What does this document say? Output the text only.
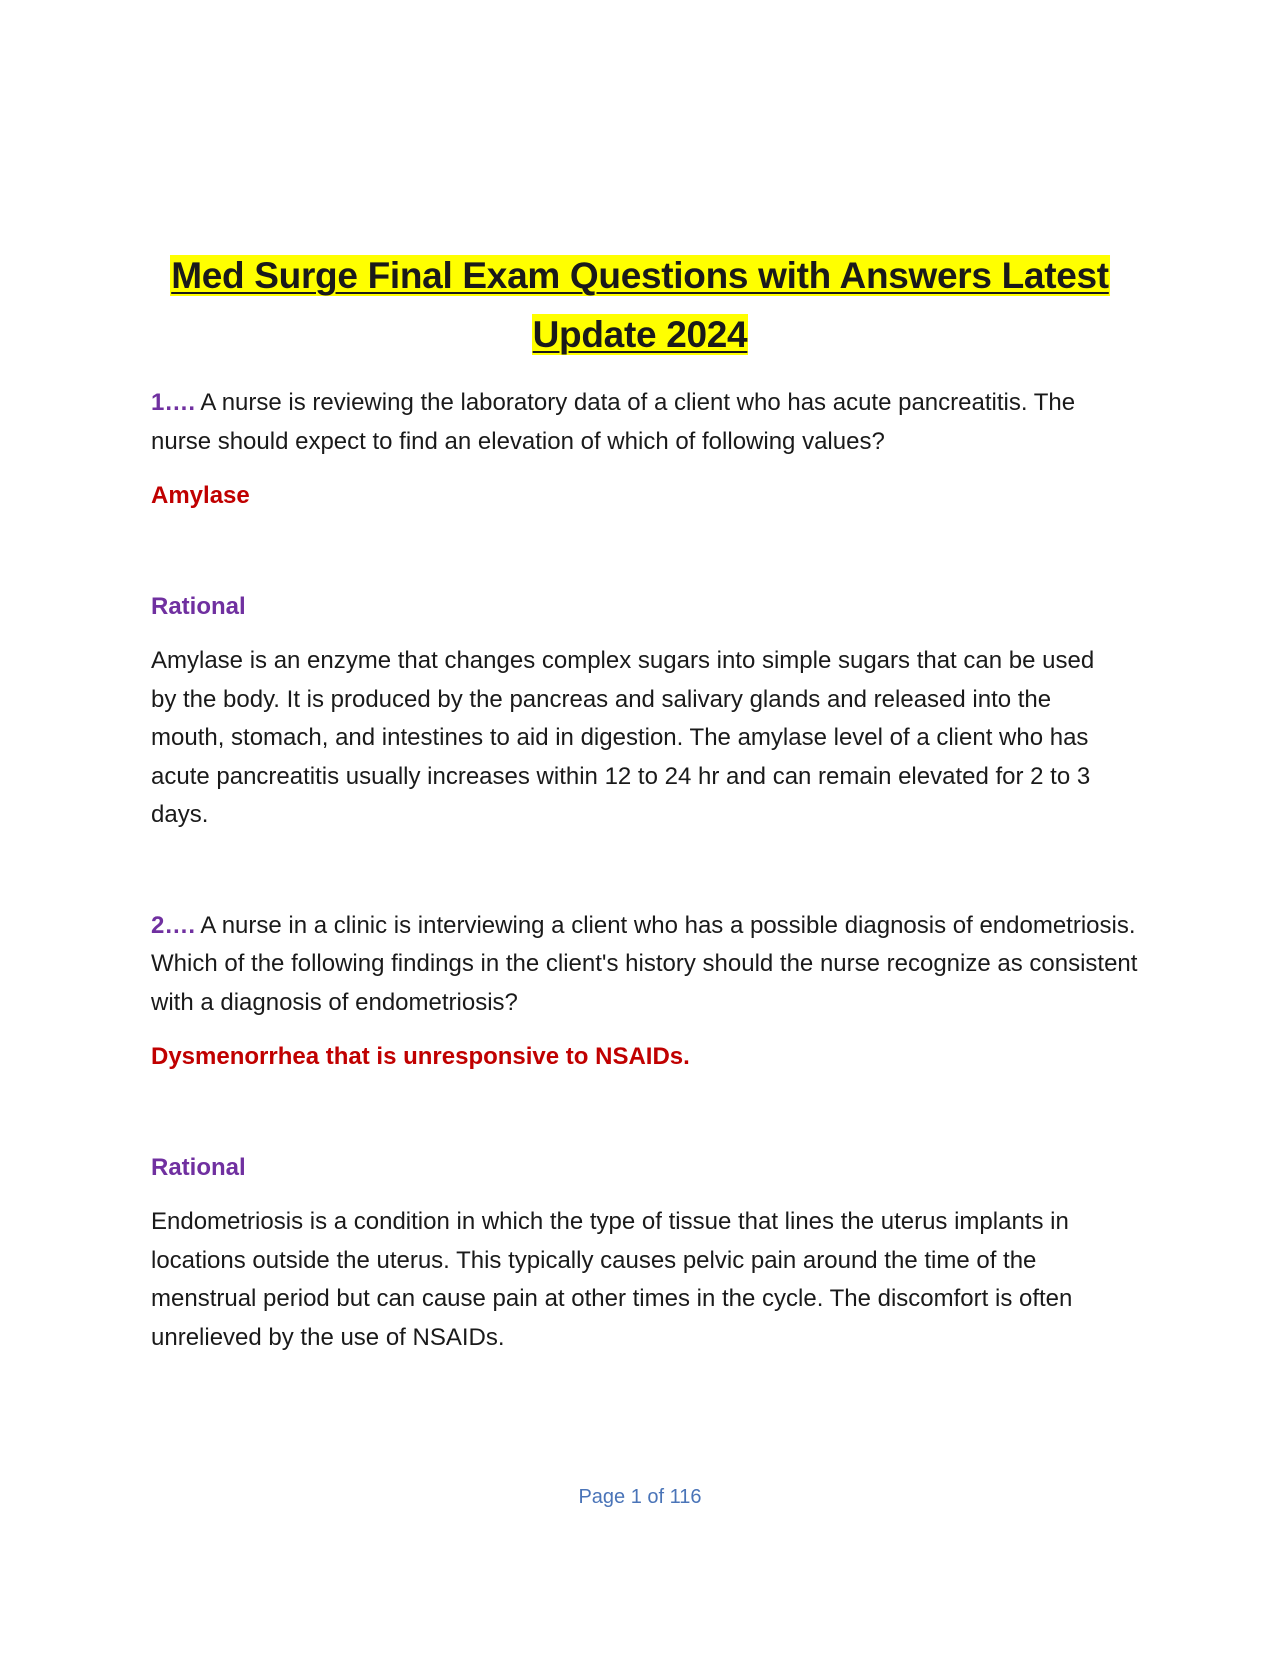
Med Surge Final Exam Questions with Answers Latest
Update 2024

1…. A nurse is reviewing the laboratory data of a client who has acute pancreatitis. The nurse should expect to find an elevation of which of following values?

Amylase

Rational

Amylase is an enzyme that changes complex sugars into simple sugars that can be used by the body. It is produced by the pancreas and salivary glands and released into the mouth, stomach, and intestines to aid in digestion. The amylase level of a client who has acute pancreatitis usually increases within 12 to 24 hr and can remain elevated for 2 to 3 days.

2…. A nurse in a clinic is interviewing a client who has a possible diagnosis of endometriosis. Which of the following findings in the client's history should the nurse recognize as consistent with a diagnosis of endometriosis?

Dysmenorrhea that is unresponsive to NSAIDs.

Rational

Endometriosis is a condition in which the type of tissue that lines the uterus implants in locations outside the uterus. This typically causes pelvic pain around the time of the menstrual period but can cause pain at other times in the cycle. The discomfort is often unrelieved by the use of NSAIDs.

Page 1 of 116
